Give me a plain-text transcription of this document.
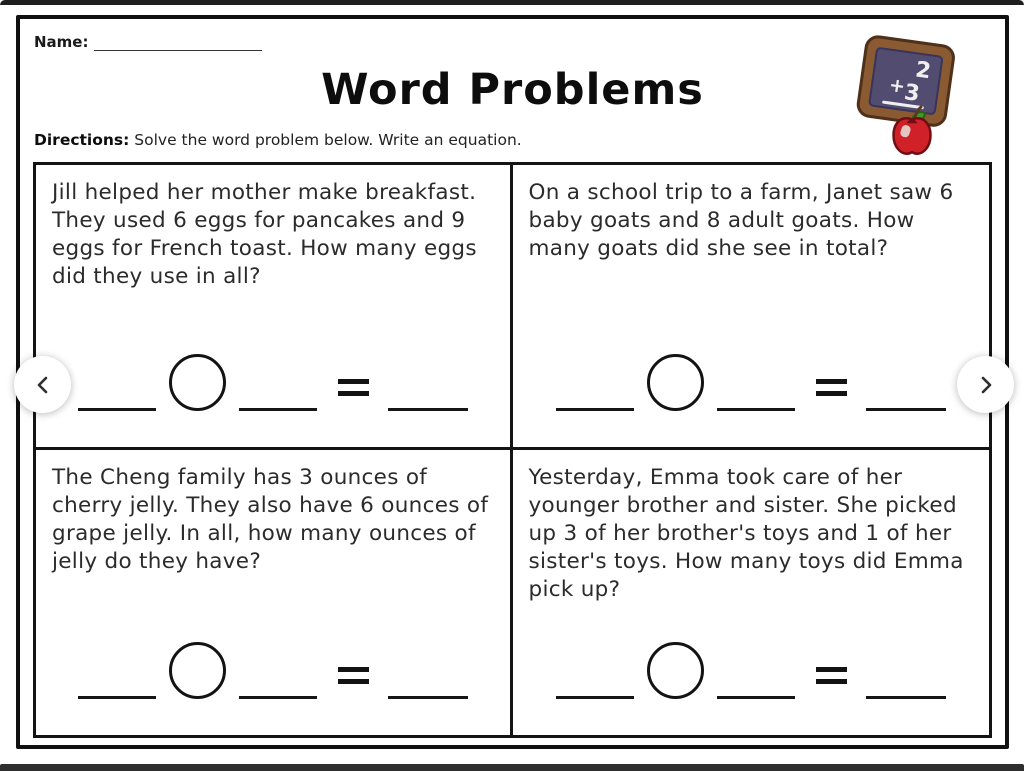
Name:
Word Problems
Directions: Solve the word problem below. Write an equation.
2
+
3

Jill helped her mother make breakfast. They used 6 eggs for pancakes and 9 eggs for French toast. How many eggs did they use in all?

On a school trip to a farm, Janet saw 6 baby goats and 8 adult goats. How many goats did she see in total?

The Cheng family has 3 ounces of cherry jelly. They also have 6 ounces of grape jelly. In all, how many ounces of jelly do they have?

Yesterday, Emma took care of her younger brother and sister. She picked up 3 of her brother's toys and 1 of her sister's toys. How many toys did Emma pick up?
